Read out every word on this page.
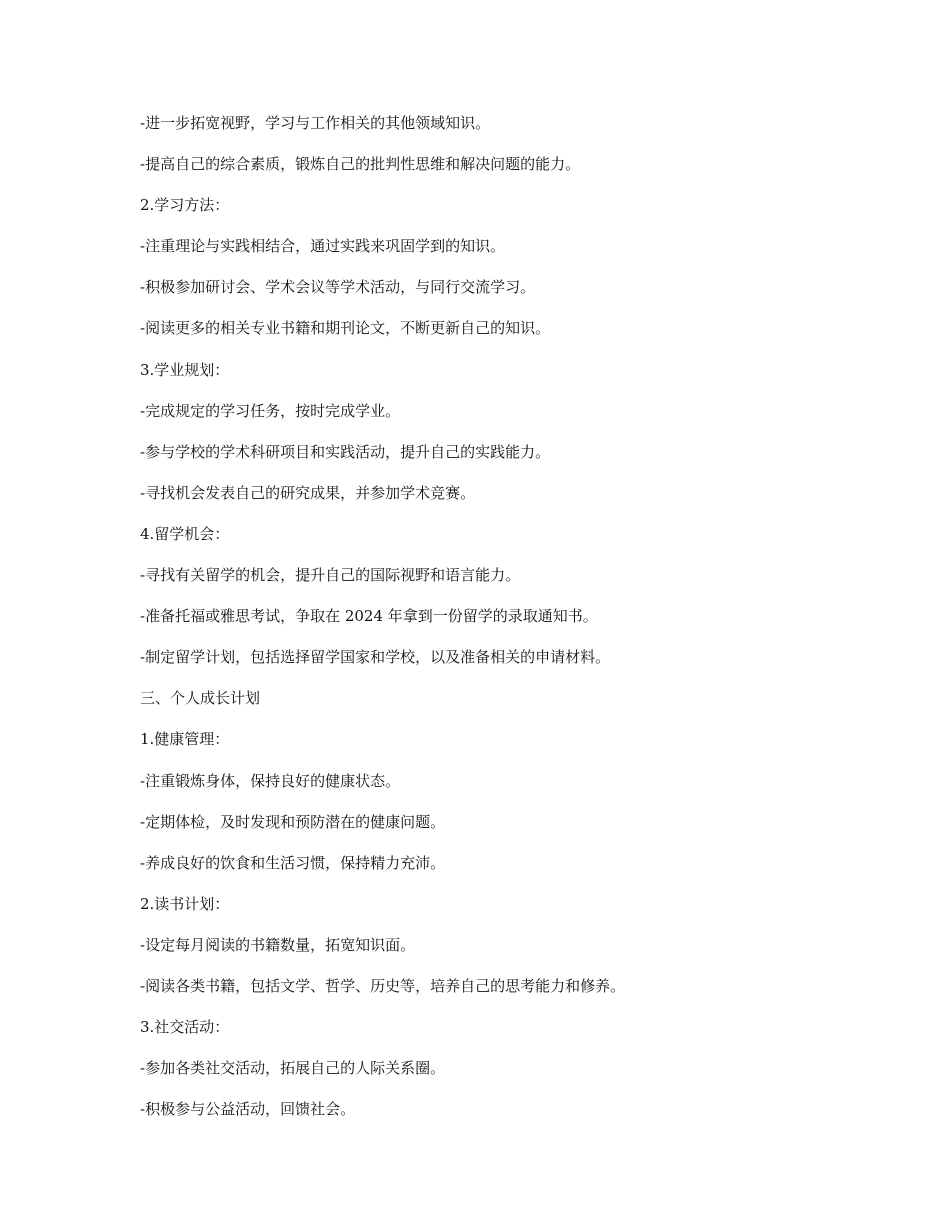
-进一步拓宽视野，学习与工作相关的其他领域知识。
-提高自己的综合素质，锻炼自己的批判性思维和解决问题的能力。
2.学习方法：
-注重理论与实践相结合，通过实践来巩固学到的知识。
-积极参加研讨会、学术会议等学术活动，与同行交流学习。
-阅读更多的相关专业书籍和期刊论文，不断更新自己的知识。
3.学业规划：
-完成规定的学习任务，按时完成学业。
-参与学校的学术科研项目和实践活动，提升自己的实践能力。
-寻找机会发表自己的研究成果，并参加学术竞赛。
4.留学机会：
-寻找有关留学的机会，提升自己的国际视野和语言能力。
-准备托福或雅思考试，争取在 2024 年拿到一份留学的录取通知书。
-制定留学计划，包括选择留学国家和学校，以及准备相关的申请材料。
三、个人成长计划
1.健康管理：
-注重锻炼身体，保持良好的健康状态。
-定期体检，及时发现和预防潜在的健康问题。
-养成良好的饮食和生活习惯，保持精力充沛。
2.读书计划：
-设定每月阅读的书籍数量，拓宽知识面。
-阅读各类书籍，包括文学、哲学、历史等，培养自己的思考能力和修养。
3.社交活动：
-参加各类社交活动，拓展自己的人际关系圈。
-积极参与公益活动，回馈社会。
